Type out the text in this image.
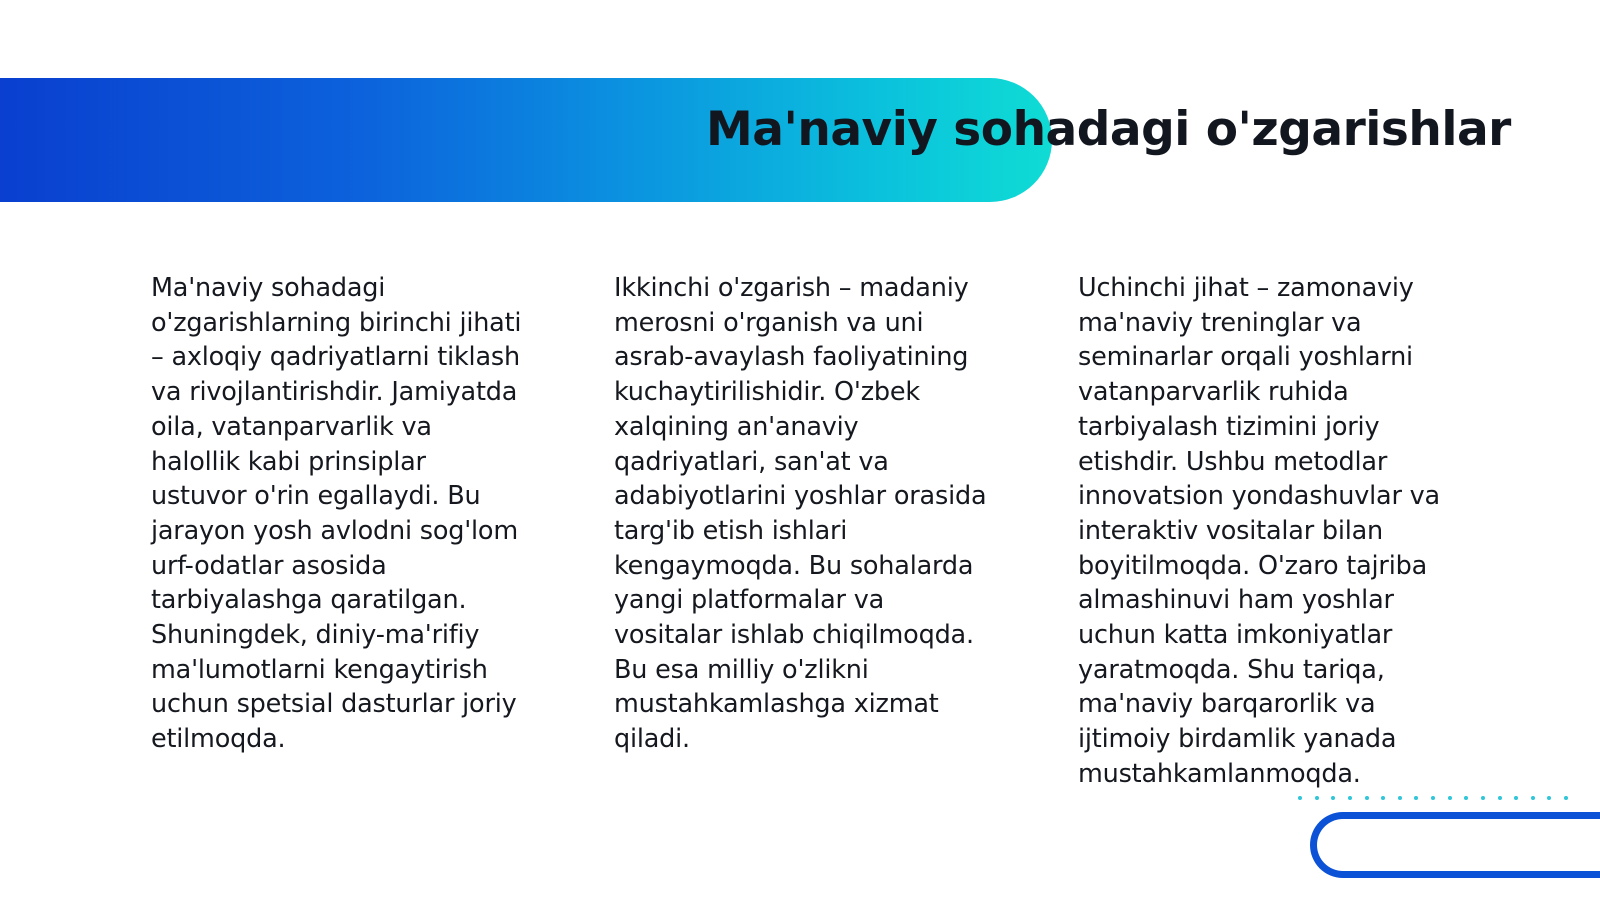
Ma'naviy sohadagi o'zgarishlar

Ma'naviy sohadagi o'zgarishlarning birinchi jihati – axloqiy qadriyatlarni tiklash va rivojlantirishdir. Jamiyatda oila, vatanparvarlik va halollik kabi prinsiplar ustuvor o'rin egallaydi. Bu jarayon yosh avlodni sog'lom urf-odatlar asosida tarbiyalashga qaratilgan. Shuningdek, diniy-ma'rifiy ma'lumotlarni kengaytirish uchun spetsial dasturlar joriy etilmoqda.

Ikkinchi o'zgarish – madaniy merosni o'rganish va uni asrab-avaylash faoliyatining kuchaytirilishidir. O'zbek xalqining an'anaviy qadriyatlari, san'at va adabiyotlarini yoshlar orasida targ'ib etish ishlari kengaymoqda. Bu sohalarda yangi platformalar va vositalar ishlab chiqilmoqda. Bu esa milliy o'zlikni mustahkamlashga xizmat qiladi.

Uchinchi jihat – zamonaviy ma'naviy treninglar va seminarlar orqali yoshlarni vatanparvarlik ruhida tarbiyalash tizimini joriy etishdir. Ushbu metodlar innovatsion yondashuvlar va interaktiv vositalar bilan boyitilmoqda. O'zaro tajriba almashinuvi ham yoshlar uchun katta imkoniyatlar yaratmoqda. Shu tariqa, ma'naviy barqarorlik va ijtimoiy birdamlik yanada mustahkamlanmoqda.
